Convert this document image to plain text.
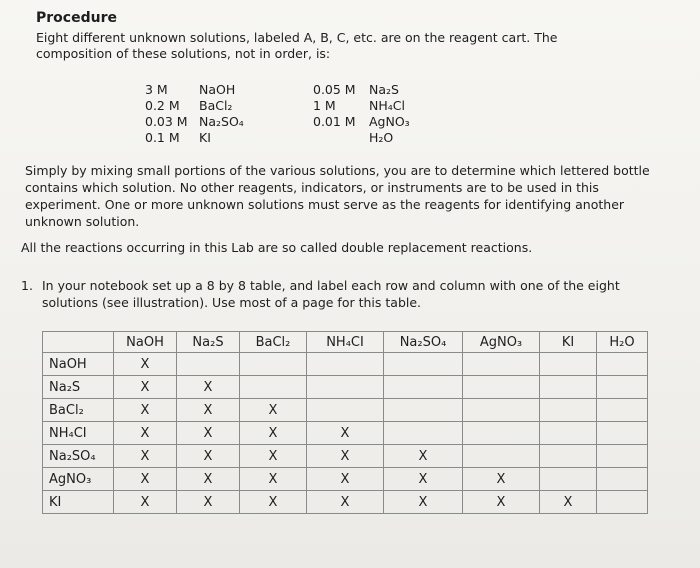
Procedure
Eight different unknown solutions, labeled A, B, C, etc. are on the reagent cart. The composition of these solutions, not in order, is:
3 M	NaOH
0.2 M BaCl₂
0.03 M Na₂SO₄
0.1 M KI
0.05 M Na₂S
1 M	NH₄Cl
0.01 M AgNO₃
H₂O
Simply by mixing small portions of the various solutions, you are to determine which lettered bottle contains which solution. No other reagents, indicators, or instruments are to be used in this experiment. One or more unknown solutions must serve as the reagents for identifying another unknown solution.
All the reactions occurring in this Lab are so called double replacement reactions.
1. In your notebook set up a 8 by 8 table, and label each row and column with one of the eight solutions (see illustration). Use most of a page for this table.
	NaOH	Na₂S	BaCl₂	NH₄CI	Na₂SO₄	AgNO₃	KI	H₂O
NaOH	X							
Na₂S	X	X						
BaCl₂	X	X	X					
NH₄CI	X	X	X	X				
Na₂SO₄	X	X	X	X	X			
AgNO₃	X	X	X	X	X	X		
KI	X	X	X	X	X	X	X	
